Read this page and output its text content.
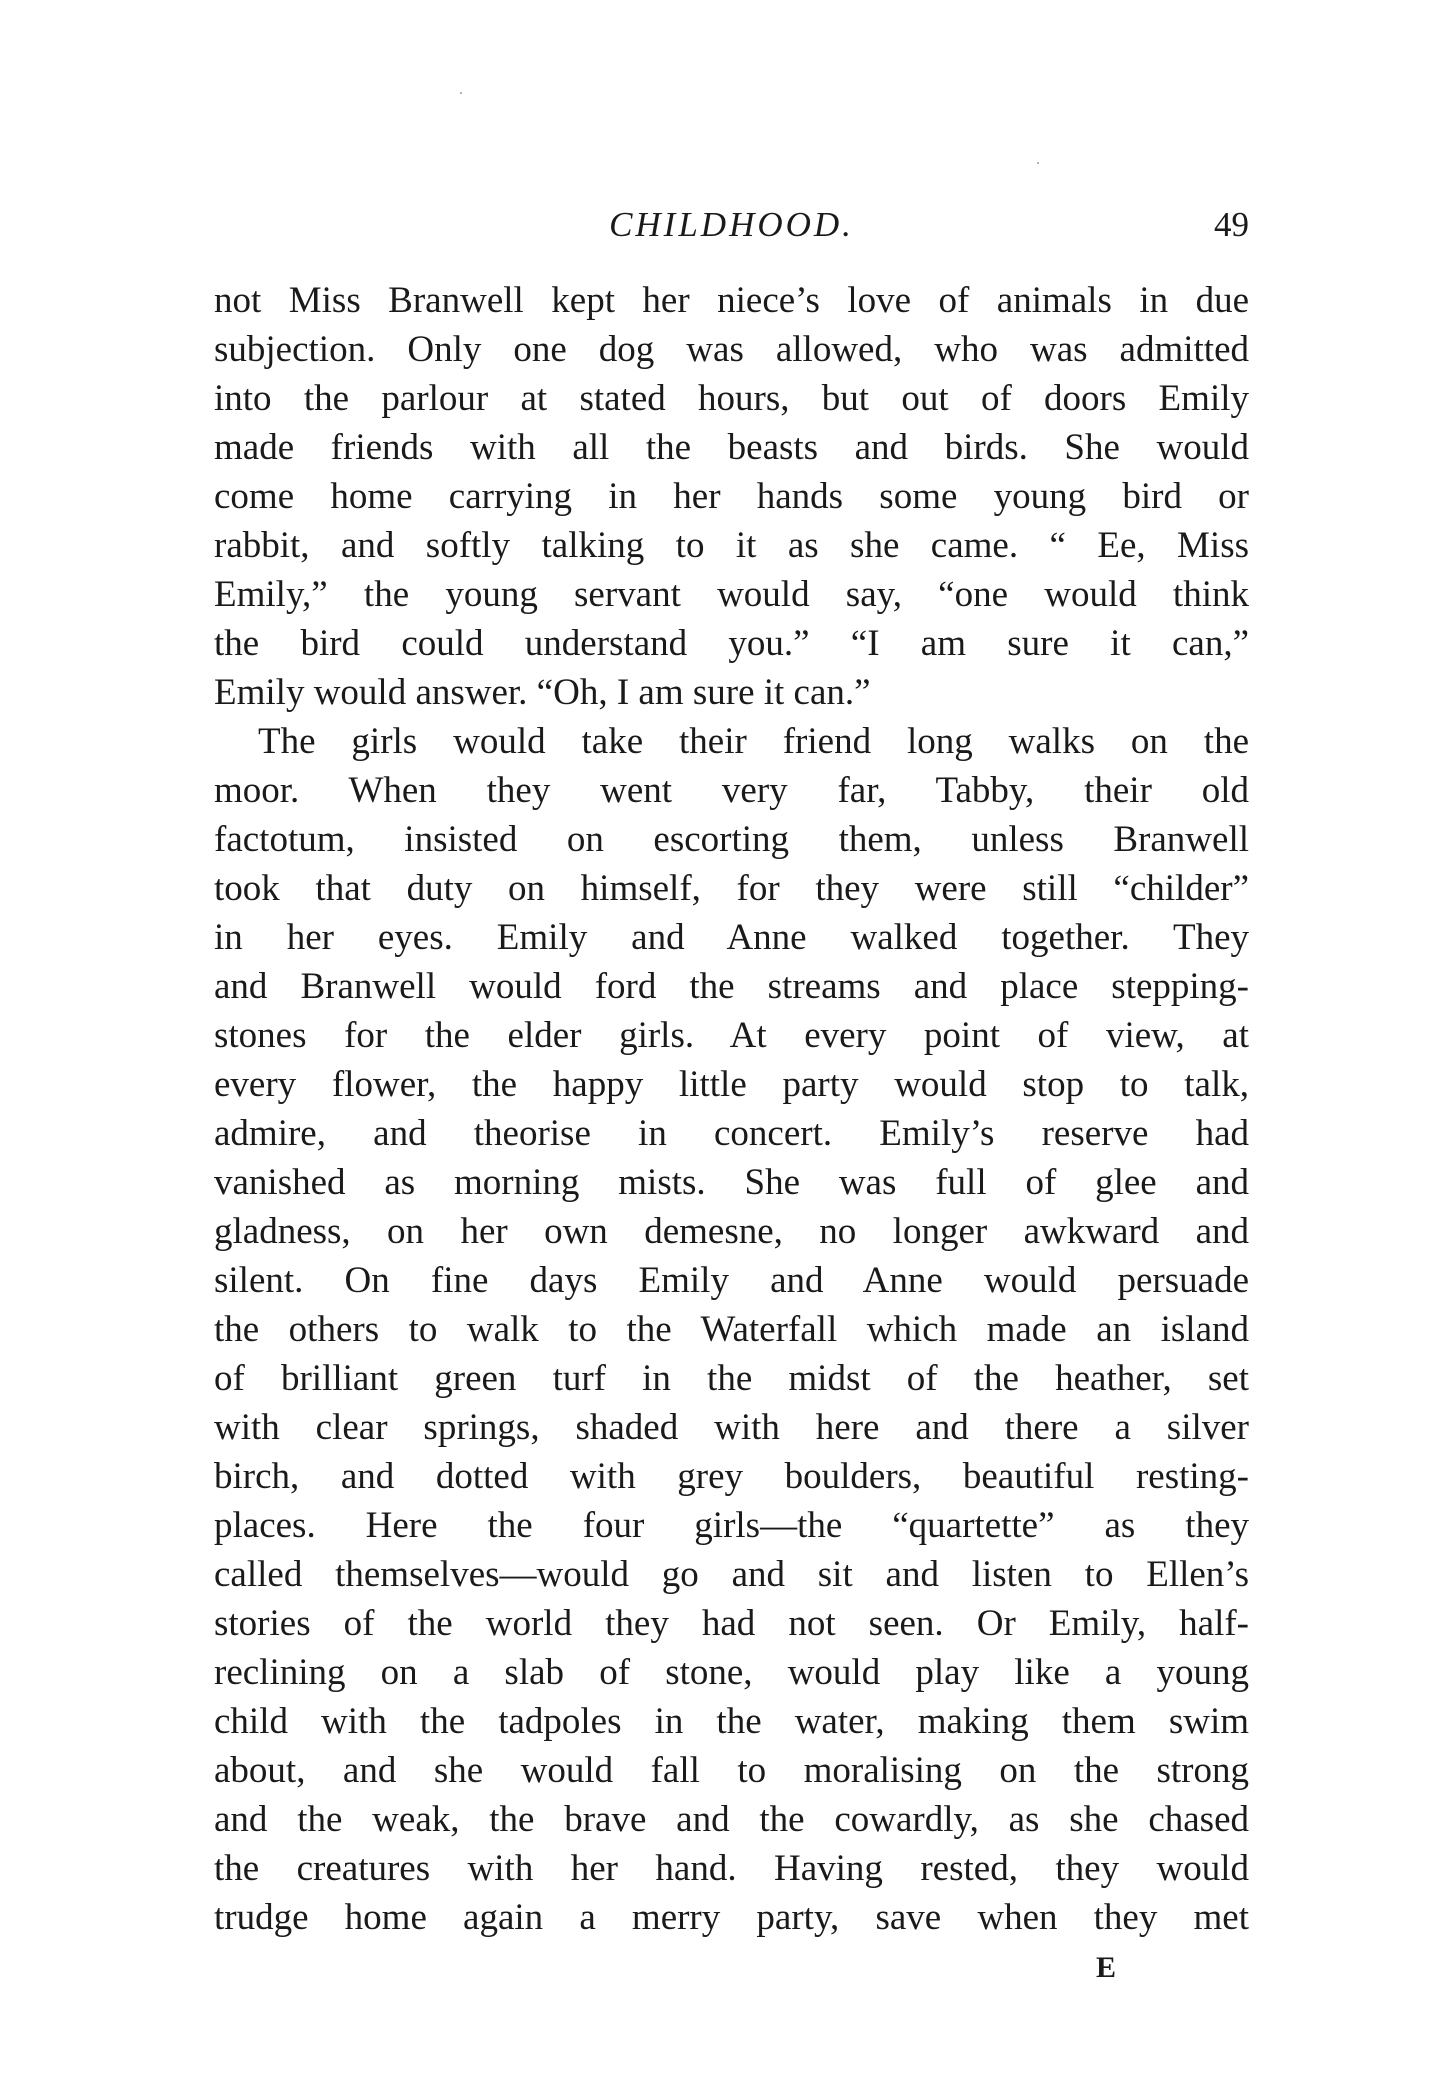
CHILDHOOD.	49
not Miss Branwell kept her niece’s love of animals in due
subjection. Only one dog was allowed, who was admitted
into the parlour at stated hours, but out of doors Emily
made friends with all the beasts and birds. She would
come home carrying in her hands some young bird or
rabbit, and softly talking to it as she came. “ Ee, Miss
Emily,” the young servant would say, “one would think
the bird could understand you.” “I am sure it can,”
Emily would answer. “Oh, I am sure it can.”
The girls would take their friend long walks on the
moor. When they went very far, Tabby, their old
factotum, insisted on escorting them, unless Branwell
took that duty on himself, for they were still “childer”
in her eyes. Emily and Anne walked together. They
and Branwell would ford the streams and place stepping-
stones for the elder girls. At every point of view, at
every flower, the happy little party would stop to talk,
admire, and theorise in concert. Emily’s reserve had
vanished as morning mists. She was full of glee and
gladness, on her own demesne, no longer awkward and
silent. On fine days Emily and Anne would persuade
the others to walk to the Waterfall which made an island
of brilliant green turf in the midst of the heather, set
with clear springs, shaded with here and there a silver
birch, and dotted with grey boulders, beautiful resting-
places. Here the four girls—the “quartette” as they
called themselves—would go and sit and listen to Ellen’s
stories of the world they had not seen. Or Emily, half-
reclining on a slab of stone, would play like a young
child with the tadpoles in the water, making them swim
about, and she would fall to moralising on the strong
and the weak, the brave and the cowardly, as she chased
the creatures with her hand. Having rested, they would
trudge home again a merry party, save when they met
E
